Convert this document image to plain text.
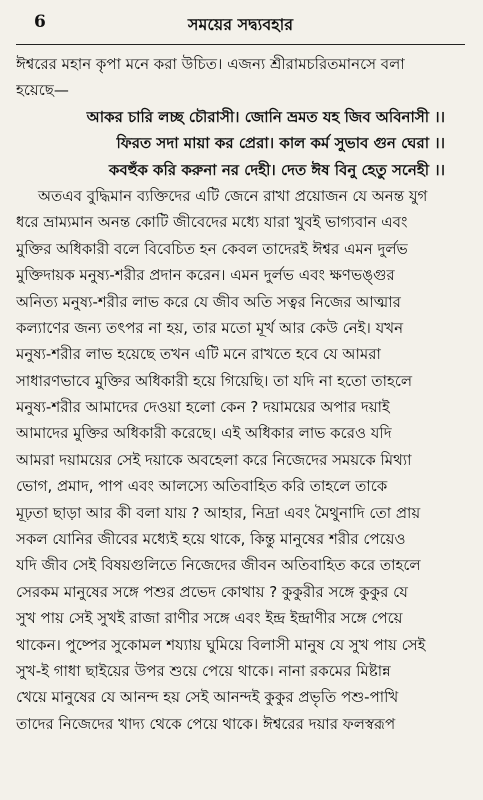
6	সময়ের সদ্ব্যবহার
ঈশ্বরের মহান কৃপা মনে করা উচিত। এজন্য শ্রীরামচরিতমানসে বলা
হয়েছে—
আকর চারি লচ্ছ চৌরাসী। জোনি ভ্রমত যহ জিব অবিনাসী ।।
ফিরত সদা মায়া কর প্রেরা। কাল কর্ম সুভাব গুন ঘেরা ।।
কবহুঁক করি করুনা নর দেহী। দেত ঈষ বিনু হেতু সনেহী ।।
অতএব বুদ্ধিমান ব্যক্তিদের এটি জেনে রাখা প্রয়োজন যে অনন্ত যুগ
ধরে ভ্রাম্যমান অনন্ত কোটি জীবেদের মধ্যে যারা খুবই ভাগ্যবান এবং
মুক্তির অধিকারী বলে বিবেচিত হন কেবল তাদেরই ঈশ্বর এমন দুর্লভ
মুক্তিদায়ক মনুষ্য-শরীর প্রদান করেন। এমন দুর্লভ এবং ক্ষণভঙ্গুর
অনিত্য মনুষ্য-শরীর লাভ করে যে জীব অতি সত্বর নিজের আত্মার
কল্যাণের জন্য তৎপর না হয়, তার মতো মূর্খ আর কেউ নেই। যখন
মনুষ্য-শরীর লাভ হয়েছে তখন এটি মনে রাখতে হবে যে আমরা
সাধারণভাবে মুক্তির অধিকারী হয়ে গিয়েছি। তা যদি না হতো তাহলে
মনুষ্য-শরীর আমাদের দেওয়া হলো কেন ? দয়াময়ের অপার দয়াই
আমাদের মুক্তির অধিকারী করেছে। এই অধিকার লাভ করেও যদি
আমরা দয়াময়ের সেই দয়াকে অবহেলা করে নিজেদের সময়কে মিথ্যা
ভোগ, প্রমাদ, পাপ এবং আলস্যে অতিবাহিত করি তাহলে তাকে
মূঢ়তা ছাড়া আর কী বলা যায় ? আহার, নিদ্রা এবং মৈথুনাদি তো প্রায়
সকল যোনির জীবের মধ্যেই হয়ে থাকে, কিন্তু মানুষের শরীর পেয়েও
যদি জীব সেই বিষয়গুলিতে নিজেদের জীবন অতিবাহিত করে তাহলে
সেরকম মানুষের সঙ্গে পশুর প্রভেদ কোথায় ? কুকুরীর সঙ্গে কুকুর যে
সুখ পায় সেই সুখই রাজা রাণীর সঙ্গে এবং ইন্দ্র ইন্দ্রাণীর সঙ্গে পেয়ে
থাকেন। পুষ্পের সুকোমল শয্যায় ঘুমিয়ে বিলাসী মানুষ যে সুখ পায় সেই
সুখ-ই গাধা ছাইয়ের উপর শুয়ে পেয়ে থাকে। নানা রকমের মিষ্টান্ন
খেয়ে মানুষের যে আনন্দ হয় সেই আনন্দই কুকুর প্রভৃতি পশু-পাখি
তাদের নিজেদের খাদ্য থেকে পেয়ে থাকে। ঈশ্বরের দয়ার ফলস্বরূপ
